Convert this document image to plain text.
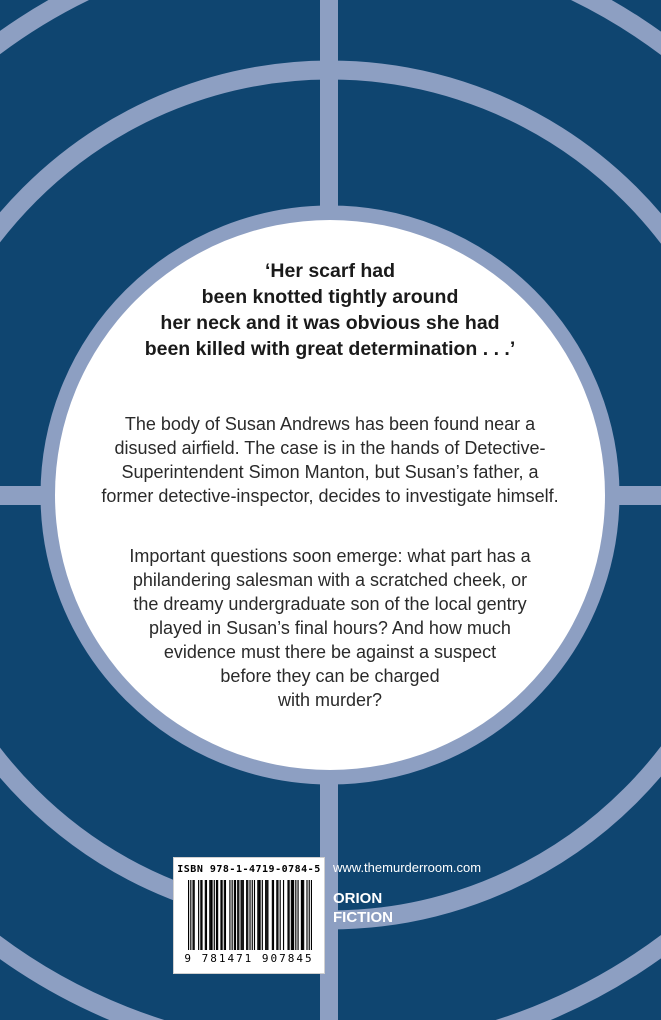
‘Her scarf had
been knotted tightly around
her neck and it was obvious she had
been killed with great determination . . .’

The body of Susan Andrews has been found near a
disused airfield. The case is in the hands of Detective-
Superintendent Simon Manton, but Susan’s father, a
former detective-inspector, decides to investigate himself.

Important questions soon emerge: what part has a
philandering salesman with a scratched cheek, or
the dreamy undergraduate son of the local gentry
played in Susan’s final hours? And how much
evidence must there be against a suspect
before they can be charged
with murder?

ISBN 978-1-4719-0784-5
9 781471 907845
www.themurderroom.com

ORION
FICTION
